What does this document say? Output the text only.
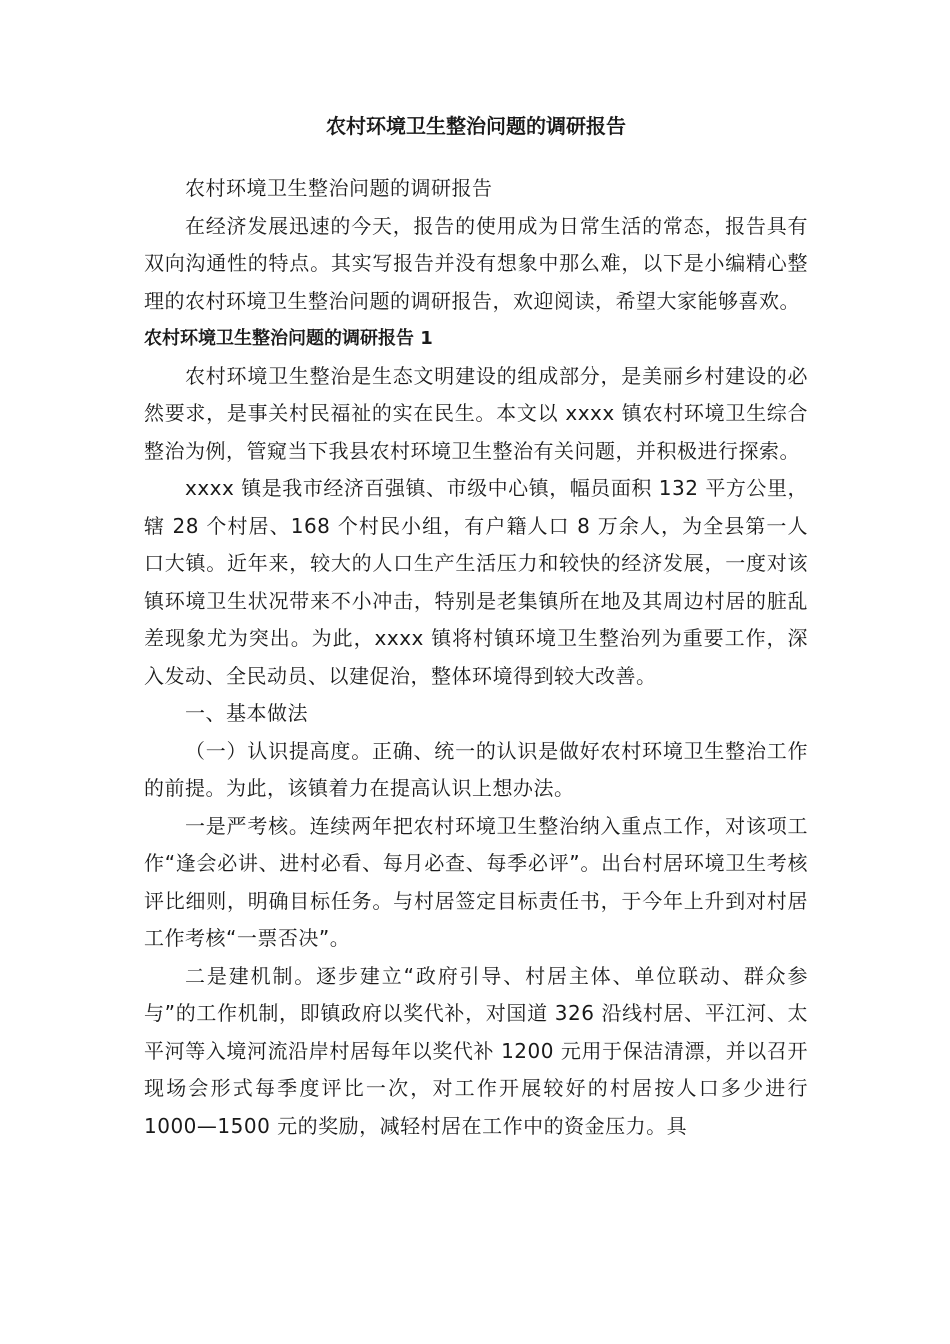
农村环境卫生整治问题的调研报告

农村环境卫生整治问题的调研报告

在经济发展迅速的今天，报告的使用成为日常生活的常态，报告具有双向沟通性的特点。其实写报告并没有想象中那么难，以下是小编精心整理的农村环境卫生整治问题的调研报告，欢迎阅读，希望大家能够喜欢。

农村环境卫生整治问题的调研报告 1

农村环境卫生整治是生态文明建设的组成部分，是美丽乡村建设的必然要求，是事关村民福祉的实在民生。本文以 xxxx 镇农村环境卫生综合整治为例，管窥当下我县农村环境卫生整治有关问题，并积极进行探索。

xxxx 镇是我市经济百强镇、市级中心镇，幅员面积 132 平方公里，辖 28 个村居、168 个村民小组，有户籍人口 8 万余人，为全县第一人口大镇。近年来，较大的人口生产生活压力和较快的经济发展，一度对该镇环境卫生状况带来不小冲击，特别是老集镇所在地及其周边村居的脏乱差现象尤为突出。为此，xxxx 镇将村镇环境卫生整治列为重要工作，深入发动、全民动员、以建促治，整体环境得到较大改善。

一、基本做法

（一）认识提高度。正确、统一的认识是做好农村环境卫生整治工作的前提。为此，该镇着力在提高认识上想办法。

一是严考核。连续两年把农村环境卫生整治纳入重点工作，对该项工作“逢会必讲、进村必看、每月必查、每季必评”。出台村居环境卫生考核评比细则，明确目标任务。与村居签定目标责任书，于今年上升到对村居工作考核“一票否决”。

二是建机制。逐步建立“政府引导、村居主体、单位联动、群众参与”的工作机制，即镇政府以奖代补，对国道 326 沿线村居、平江河、太平河等入境河流沿岸村居每年以奖代补 1200 元用于保洁清漂，并以召开现场会形式每季度评比一次，对工作开展较好的村居按人口多少进行 1000—1500 元的奖励，减轻村居在工作中的资金压力。具
